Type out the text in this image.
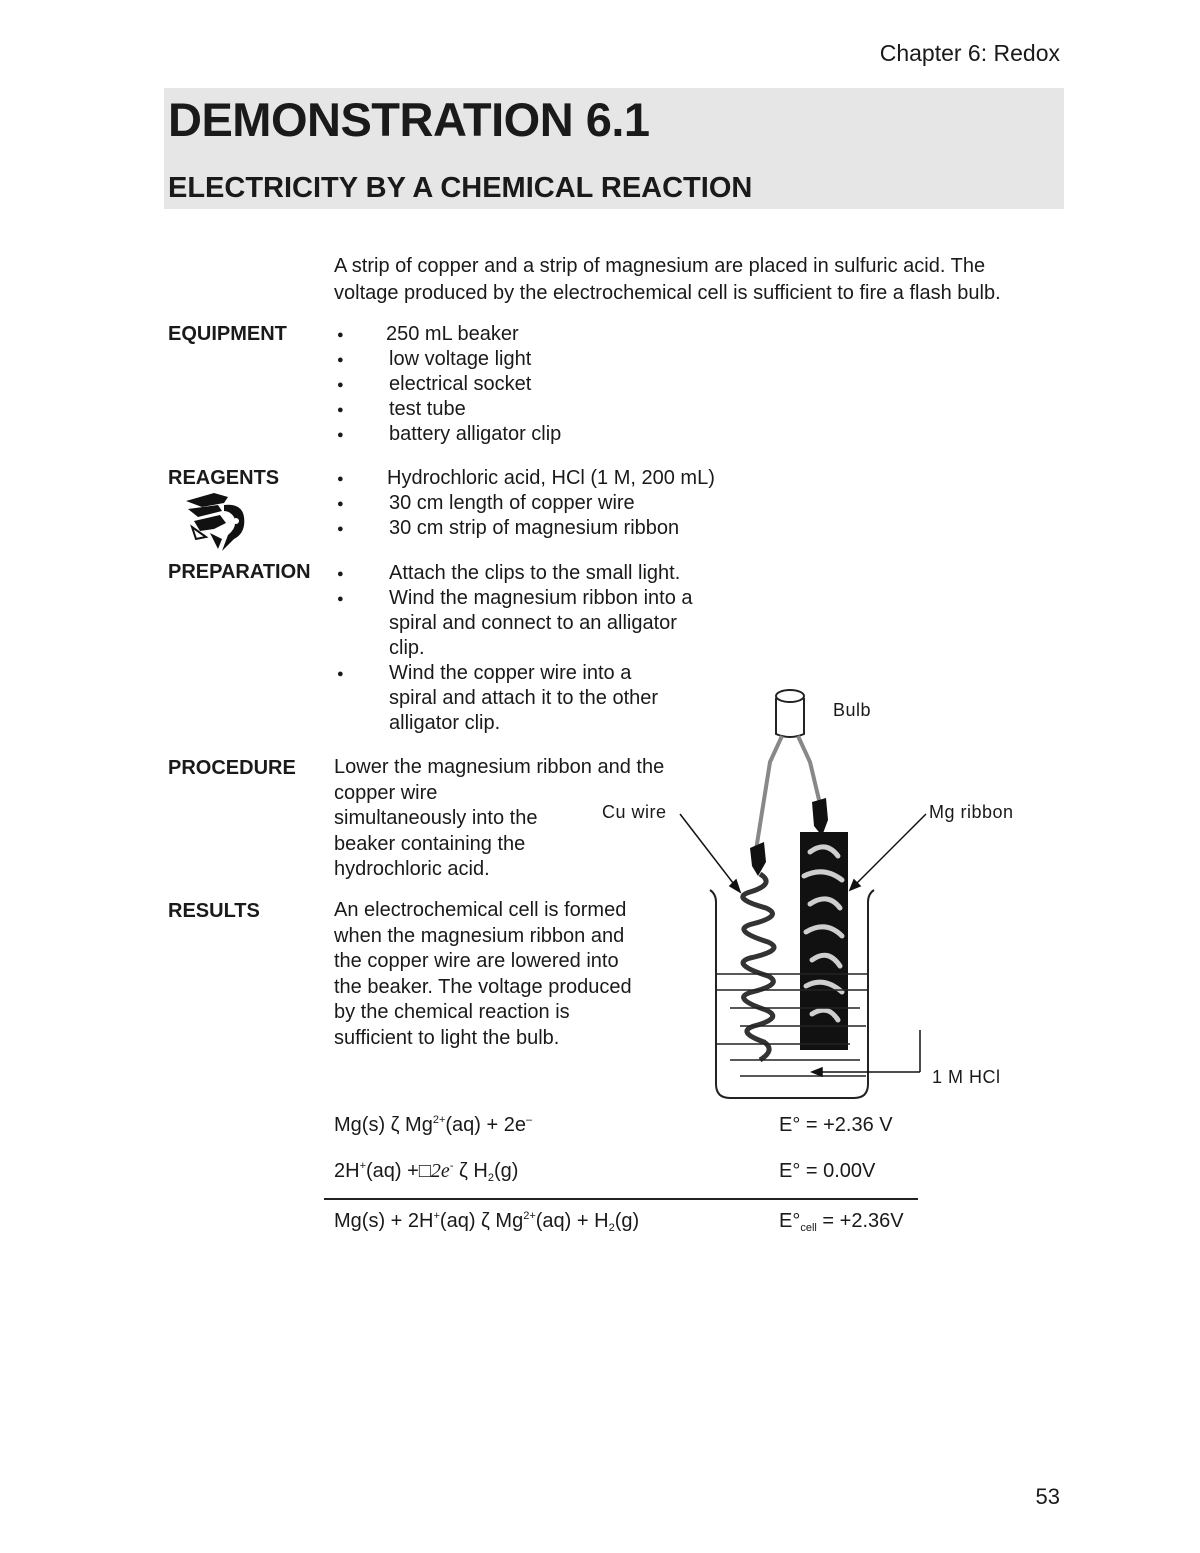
Chapter 6: Redox
DEMONSTRATION 6.1
ELECTRICITY BY A CHEMICAL REACTION
A strip of copper and a strip of magnesium are placed in sulfuric acid. The
voltage produced by the electrochemical cell is sufficient to fire a flash bulb.
EQUIPMENT	● 250 mL beaker
● low voltage light
● electrical socket
● test tube
● battery alligator clip
REAGENTS	● Hydrochloric acid, HCl (1 M, 200 mL)
● 30 cm length of copper wire
● 30 cm strip of magnesium ribbon
PREPARATION	● Attach the clips to the small light.
● Wind the magnesium ribbon into a
spiral and connect to an alligator
clip.
● Wind the copper wire into a
spiral and attach it to the other
alligator clip.
PROCEDURE Lower the magnesium ribbon and the
copper wire
simultaneously into the
beaker containing the
hydrochloric acid.
RESULTS	An electrochemical cell is formed
when the magnesium ribbon and
the copper wire are lowered into
the beaker. The voltage produced
by the chemical reaction is
sufficient to light the bulb.
Bulb
Cu wire	Mg ribbon
1 M HCl
Mg(s) ζ $Mg^{2+}(aq) + 2e^-$	E° = +2.36 V
2H+(aq) +□2e- ζ $H_2(g)$	E° = 0.00V
Mg(s) + 2H+(aq) ζ $Mg^{2+}(aq) + H_2(g)$	$E^\circ_{cell} = +2.36V$
53
